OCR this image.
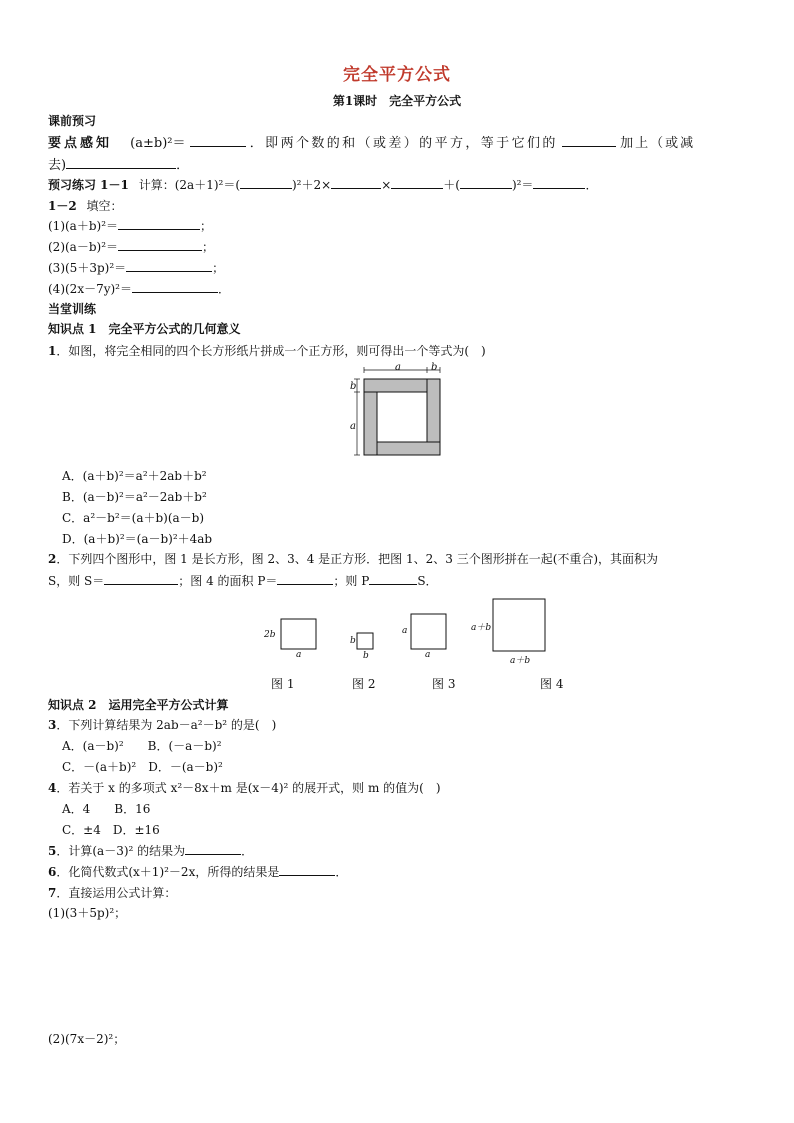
完全平方公式
第1课时　完全平方公式
课前预习
要点感知 (a±b)²＝	．即两个数的和（或差）的平方，等于它们的	加上（或减
去)	．
预习练习 1－1 计算：(2a＋1)²＝(	)²＋2×	×	＋(	)²＝	．
1－2 填空：
(1)(a＋b)²＝	；
(2)(a－b)²＝	；
(3)(5＋3p)²＝	；
(4)(2x－7y)²＝	．
当堂训练
知识点 1　完全平方公式的几何意义
1．如图，将完全相同的四个长方形纸片拼成一个正方形，则可得出一个等式为(　)
a	b
b
a
A．(a＋b)²＝a²＋2ab＋b²
B．(a－b)²＝a²－2ab＋b²
C．a²－b²＝(a＋b)(a－b)
D．(a＋b)²＝(a－b)²＋4ab
2．下列四个图形中，图 1 是长方形，图 2、3、4 是正方形．把图 1、2、3 三个图形拼在一起(不重合)，其面积为
S，则 S＝	；图 4 的面积 P＝	；则 P	S．
2b
a
b
b
a
a
a＋b
a＋b
图 1	图 2	图 3	图 4
知识点 2　运用完全平方公式计算
3．下列计算结果为 2ab－a²－b² 的是(　)
A．(a－b)²　　B．(－a－b)²
C．－(a＋b)²　D．－(a－b)²
4．若关于 x 的多项式 x²－8x＋m 是(x－4)² 的展开式，则 m 的值为(　)
A．4　　B．16
C．±4　D．±16
5．计算(a－3)² 的结果为	．
6．化简代数式(x＋1)²－2x，所得的结果是	．
7．直接运用公式计算：
(1)(3＋5p)²；
(2)(7x－2)²；
